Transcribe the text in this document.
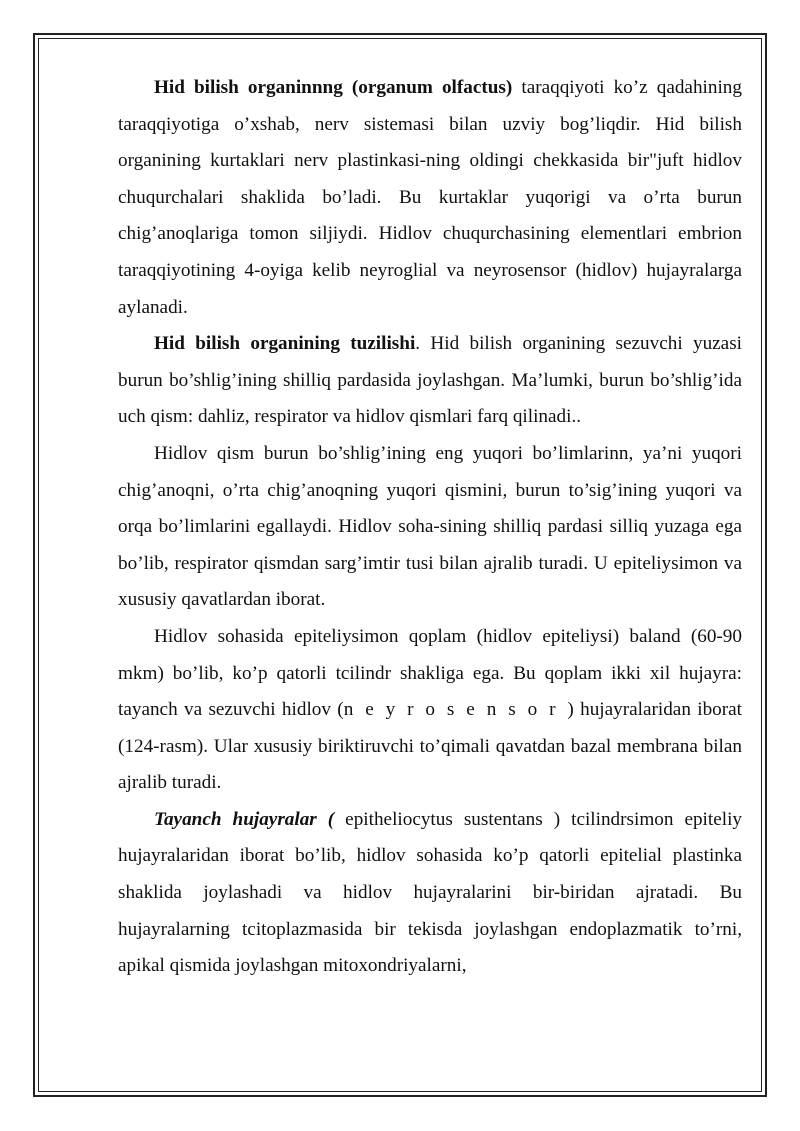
Hid bilish organinnng (organum olfactus) taraqqiyoti ko’z qadahining taraqqiyotiga o’xshab, nerv sistemasi bilan uzviy bog’liqdir. Hid bilish organining kurtaklari nerv plastinkasi-ning oldingi chekkasida bir"juft hidlov chuqurchalari shaklida bo’ladi. Bu kurtaklar yuqorigi va o’rta burun chig’anoqlariga tomon siljiydi. Hidlov chuqurchasining elementlari embrion taraqqiyotining 4-oyiga kelib neyroglial va neyrosensor (hidlov) hujayralarga aylanadi.

Hid bilish organining tuzilishi. Hid bilish organining sezuvchi yuzasi burun bo’shlig’ining shilliq pardasida joylashgan. Ma’lumki, burun bo’shlig’ida uch qism: dahliz, respirator va hidlov qismlari farq qilinadi..

Hidlov qism burun bo’shlig’ining eng yuqori bo’limlarinn, ya’ni yuqori chig’anoqni, o’rta chig’anoqning yuqori qismini, burun to’sig’ining yuqori va orqa bo’limlarini egallaydi. Hidlov soha-sining shilliq pardasi silliq yuzaga ega bo’lib, respirator qismdan sarg’imtir tusi bilan ajralib turadi. U epiteliysimon va xususiy qavatlardan iborat.

Hidlov sohasida epiteliysimon qoplam (hidlov epiteliysi) baland (60-90 mkm) bo’lib, ko’p qatorli tcilindr shakliga ega. Bu qoplam ikki xil hujayra: tayanch va sezuvchi hidlov (neyrosensor) hujayralaridan iborat (124-rasm). Ular xususiy biriktiruvchi to’qimali qavatdan bazal membrana bilan ajralib turadi.

Tayanch hujayralar ( epitheliocytus sustentans ) tcilindrsimon epiteliy hujayralaridan iborat bo’lib, hidlov sohasida ko’p qatorli epitelial plastinka shaklida joylashadi va hidlov hujayralarini bir-biridan ajratadi. Bu hujayralarning tcitoplazmasida bir tekisda joylashgan endoplazmatik to’rni, apikal qismida joylashgan mitoxondriyalarni,
